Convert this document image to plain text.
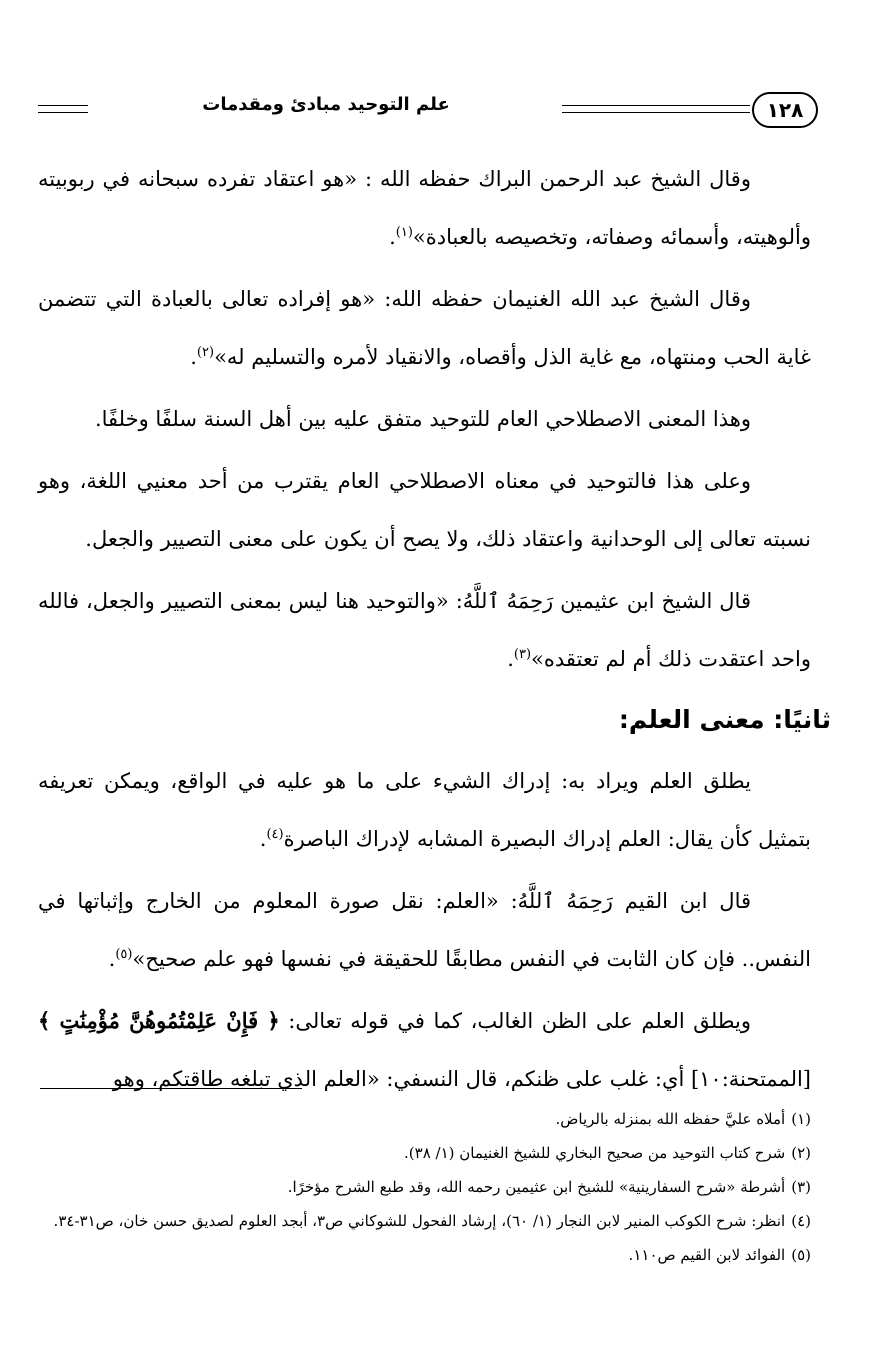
١٢٨
علم التوحيد مبادئ ومقدمات

وقال الشيخ عبد الرحمن البراك حفظه الله : «هو اعتقاد تفرده سبحانه في ربوبيته وألوهيته، وأسمائه وصفاته، وتخصيصه بالعبادة»$^{(١)}$.

وقال الشيخ عبد الله الغنيمان حفظه الله: «هو إفراده تعالى بالعبادة التي تتضمن غاية الحب ومنتهاه، مع غاية الذل وأقصاه، والانقياد لأمره والتسليم له»$^{(٢)}$.

وهذا المعنى الاصطلاحي العام للتوحيد متفق عليه بين أهل السنة سلفًا وخلفًا.

وعلى هذا فالتوحيد في معناه الاصطلاحي العام يقترب من أحد معنيي اللغة، وهو نسبته تعالى إلى الوحدانية واعتقاد ذلك، ولا يصح أن يكون على معنى التصيير والجعل.

قال الشيخ ابن عثيمين رَحِمَهُ ٱللَّهُ: «والتوحيد هنا ليس بمعنى التصيير والجعل، فالله واحد اعتقدت ذلك أم لم تعتقده»$^{(٣)}$.

ثانيًا: معنى العلم:

يطلق العلم ويراد به: إدراك الشيء على ما هو عليه في الواقع، ويمكن تعريفه بتمثيل كأن يقال: العلم إدراك البصيرة المشابه لإدراك الباصرة$^{(٤)}$.

قال ابن القيم رَحِمَهُ ٱللَّهُ: «العلم: نقل صورة المعلوم من الخارج وإثباتها في النفس.. فإن كان الثابت في النفس مطابقًا للحقيقة في نفسها فهو علم صحيح»$^{(٥)}$.

ويطلق العلم على الظن الغالب، كما في قوله تعالى: ﴿ فَإِنْ عَلِمْتُمُوهُنَّ مُؤْمِنَٰتٍ ﴾[الممتحنة:١٠] أي: غلب على ظنكم، قال النسفي: «العلم الذي تبلغه طاقتكم، وهو

(١)أملاه عليَّ حفظه الله بمنزله بالرياض.

(٢)شرح كتاب التوحيد من صحيح البخاري للشيخ الغنيمان (١/ ٣٨).

(٣)أشرطة «شرح السفارينية» للشيخ ابن عثيمين رحمه الله، وقد طبع الشرح مؤخرًا.

(٤)انظر: شرح الكوكب المنير لابن النجار (١/ ٦٠)، إرشاد الفحول للشوكاني ص٣، أبجد العلوم لصديق حسن خان، ص٣١-٣٤.

(٥)الفوائد لابن القيم ص١١٠.
